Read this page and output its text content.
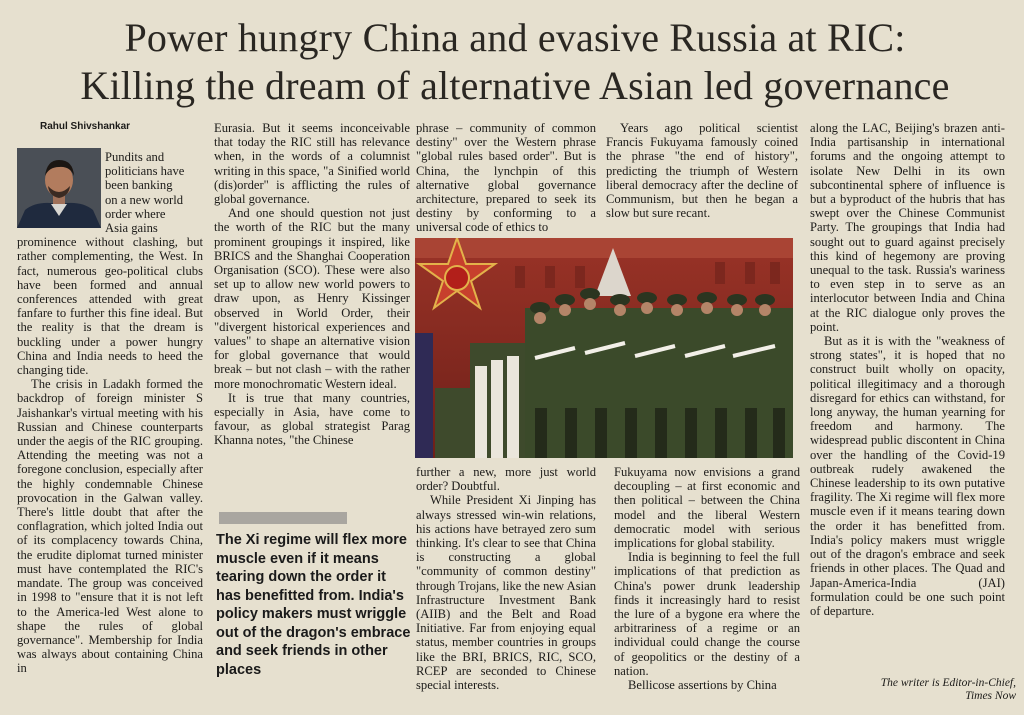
Power hungry China and evasive Russia at RIC:
Killing the dream of alternative Asian led governance
Rahul Shivshankar

Pundits and
politicians have
been banking
on a new world
order where
Asia gains

prominence without clashing, but rather complementing, the West. In fact, numerous geo-political clubs have been formed and annual conferences attended with great fanfare to further this fine ideal. But the reality is that the dream is buckling under a power hungry China and India needs to heed the changing tide.

The crisis in Ladakh formed the backdrop of foreign minister S Jaishankar's virtual meeting with his Russian and Chinese counterparts under the aegis of the RIC grouping. Attending the meeting was not a foregone conclusion, especially after the highly condemnable Chinese provocation in the Galwan valley. There's little doubt that after the conflagration, which jolted India out of its complacency towards China, the erudite diplomat turned minister must have contemplated the RIC's mandate. The group was conceived in 1998 to "ensure that it is not left to the America-led West alone to shape the rules of global governance". Membership for India was always about containing China in

Eurasia. But it seems inconceivable that today the RIC still has relevance when, in the words of a columnist writing in this space, "a Sinified world (dis)order" is afflicting the rules of global governance.

And one should question not just the worth of the RIC but the many prominent groupings it inspired, like BRICS and the Shanghai Cooperation Organisation (SCO). These were also set up to allow new world powers to draw upon, as Henry Kissinger observed in World Order, their "divergent historical experiences and values" to shape an alternative vision for global governance that would break – but not clash – with the rather more monochromatic Western ideal.

It is true that many countries, especially in Asia, have come to favour, as global strategist Parag Khanna notes, "the Chinese

The Xi regime will flex more muscle even if it means tearing down the order it has benefitted from. India's policy makers must wriggle out of the dragon's embrace and seek friends in other places

phrase – community of common destiny" over the Western phrase "global rules based order". But is China, the lynchpin of this alternative global governance architecture, prepared to seek its destiny by conforming to a universal code of ethics to

Years ago political scientist Francis Fukuyama famously coined the phrase "the end of history", predicting the triumph of Western liberal democracy after the decline of Communism, but then he began a slow but sure recant.

further a new, more just world order? Doubtful.

While President Xi Jinping has always stressed win-win relations, his actions have betrayed zero sum thinking. It's clear to see that China is constructing a global "community of common destiny" through Trojans, like the new Asian Infrastructure Investment Bank (AIIB) and the Belt and Road Initiative. Far from enjoying equal status, member countries in groups like the BRI, BRICS, RIC, SCO, RCEP are seconded to Chinese special interests.

Fukuyama now envisions a grand decoupling – at first economic and then political – between the China model and the liberal Western democratic model with serious implications for global stability.

India is beginning to feel the full implications of that prediction as China's power drunk leadership finds it increasingly hard to resist the lure of a bygone era where the arbitrariness of a regime or an individual could change the course of geopolitics or the destiny of a nation.

Bellicose assertions by China

along the LAC, Beijing's brazen anti-India partisanship in international forums and the ongoing attempt to isolate New Delhi in its own subcontinental sphere of influence is but a byproduct of the hubris that has swept over the Chinese Communist Party. The groupings that India had sought out to guard against precisely this kind of hegemony are proving unequal to the task. Russia's wariness to even step in to serve as an interlocutor between India and China at the RIC dialogue only proves the point.

But as it is with the "weakness of strong states", it is hoped that no construct built wholly on opacity, political illegitimacy and a thorough disregard for ethics can withstand, for long anyway, the human yearning for freedom and harmony. The widespread public discontent in China over the handling of the Covid-19 outbreak rudely awakened the Chinese leadership to its own putative fragility. The Xi regime will flex more muscle even if it means tearing down the order it has benefitted from. India's policy makers must wriggle out of the dragon's embrace and seek friends in other places. The Quad and Japan-America-India (JAI) formulation could be one such point of departure.

The writer is Editor-in-Chief,
Times Now
